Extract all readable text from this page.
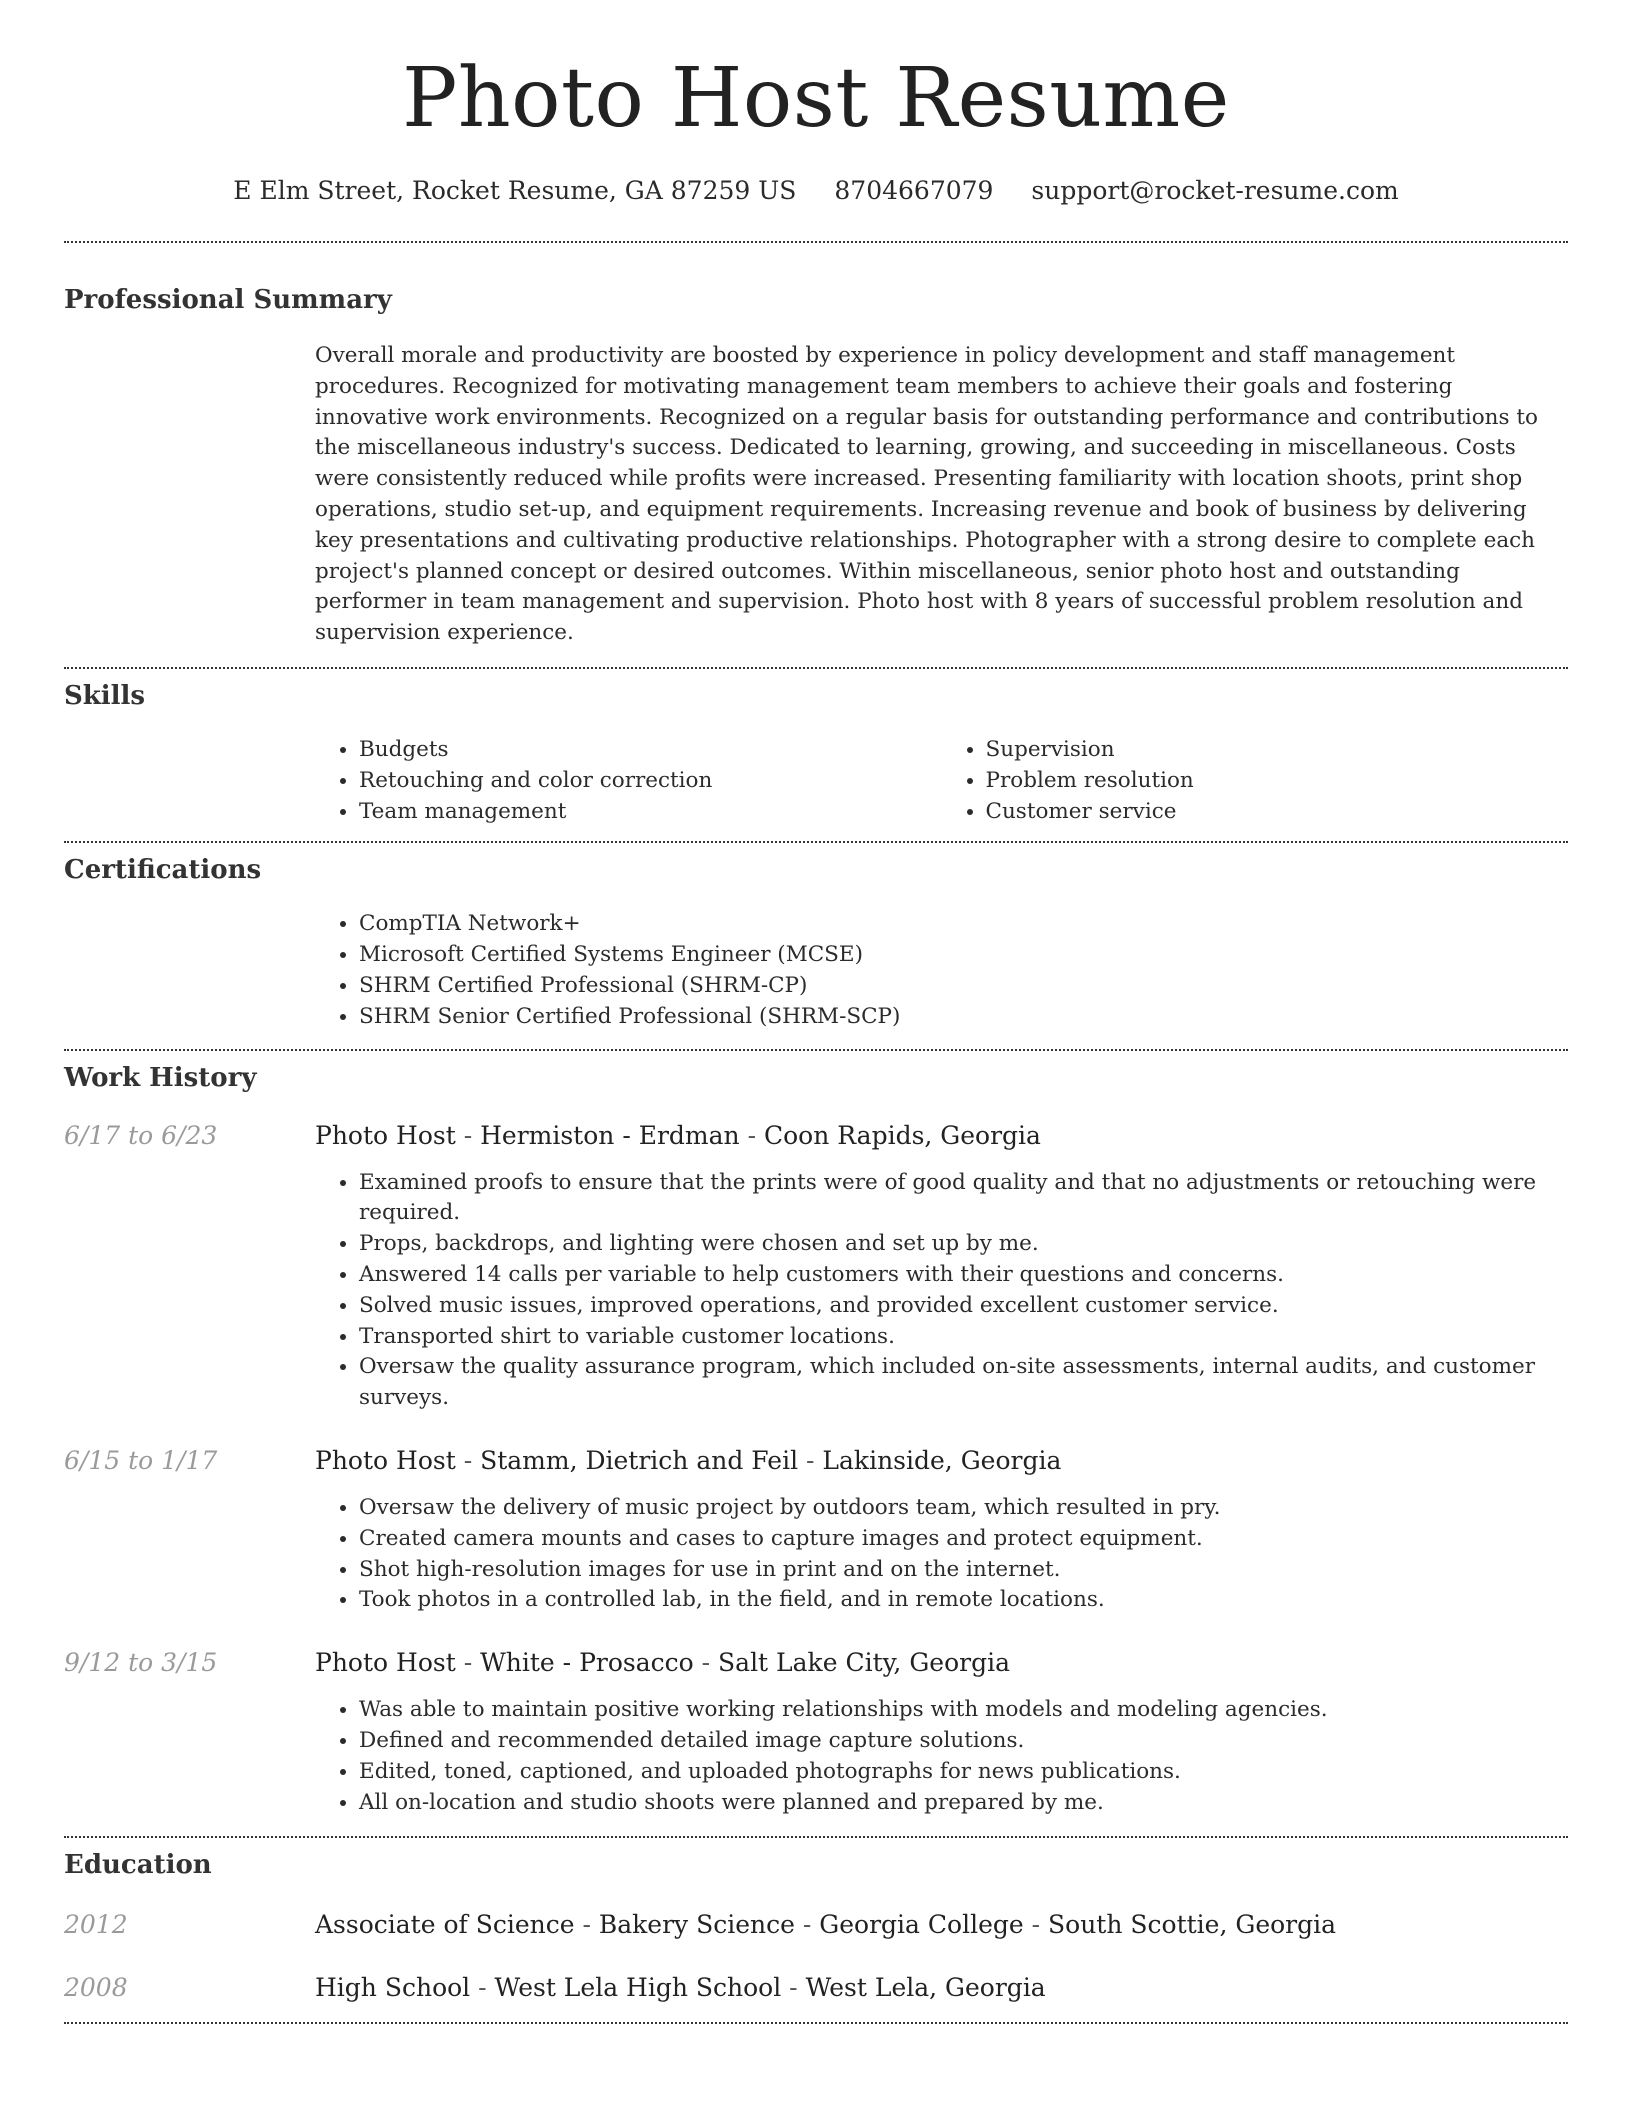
Photo Host Resume
E Elm Street, Rocket Resume, GA 87259 US 8704667079 support@rocket-resume.com
Professional Summary

Overall morale and productivity are boosted by experience in policy development and staff management procedures. Recognized for motivating management team members to achieve their goals and fostering innovative work environments. Recognized on a regular basis for outstanding performance and contributions to the miscellaneous industry's success. Dedicated to learning, growing, and succeeding in miscellaneous. Costs were consistently reduced while profits were increased. Presenting familiarity with location shoots, print shop operations, studio set-up, and equipment requirements. Increasing revenue and book of business by delivering key presentations and cultivating productive relationships. Photographer with a strong desire to complete each project's planned concept or desired outcomes. Within miscellaneous, senior photo host and outstanding performer in team management and supervision. Photo host with 8 years of successful problem resolution and supervision experience.

Skills
• Budgets
• Retouching and color correction
• Team management
• Supervision
• Problem resolution
• Customer service
Certifications
• CompTIA Network+
• Microsoft Certified Systems Engineer (MCSE)
• SHRM Certified Professional (SHRM-CP)
• SHRM Senior Certified Professional (SHRM-SCP)
Work History
6/17 to 6/23	Photo Host - Hermiston - Erdman - Coon Rapids, Georgia
• Examined proofs to ensure that the prints were of good quality and that no adjustments or retouching were required.
• Props, backdrops, and lighting were chosen and set up by me.
• Answered 14 calls per variable to help customers with their questions and concerns.
• Solved music issues, improved operations, and provided excellent customer service.
• Transported shirt to variable customer locations.
• Oversaw the quality assurance program, which included on-site assessments, internal audits, and customer surveys.
6/15 to 1/17	Photo Host - Stamm, Dietrich and Feil - Lakinside, Georgia
• Oversaw the delivery of music project by outdoors team, which resulted in pry.
• Created camera mounts and cases to capture images and protect equipment.
• Shot high-resolution images for use in print and on the internet.
• Took photos in a controlled lab, in the field, and in remote locations.
9/12 to 3/15	Photo Host - White - Prosacco - Salt Lake City, Georgia
• Was able to maintain positive working relationships with models and modeling agencies.
• Defined and recommended detailed image capture solutions.
• Edited, toned, captioned, and uploaded photographs for news publications.
• All on-location and studio shoots were planned and prepared by me.
Education
2012	Associate of Science - Bakery Science - Georgia College - South Scottie, Georgia
2008	High School - West Lela High School - West Lela, Georgia
